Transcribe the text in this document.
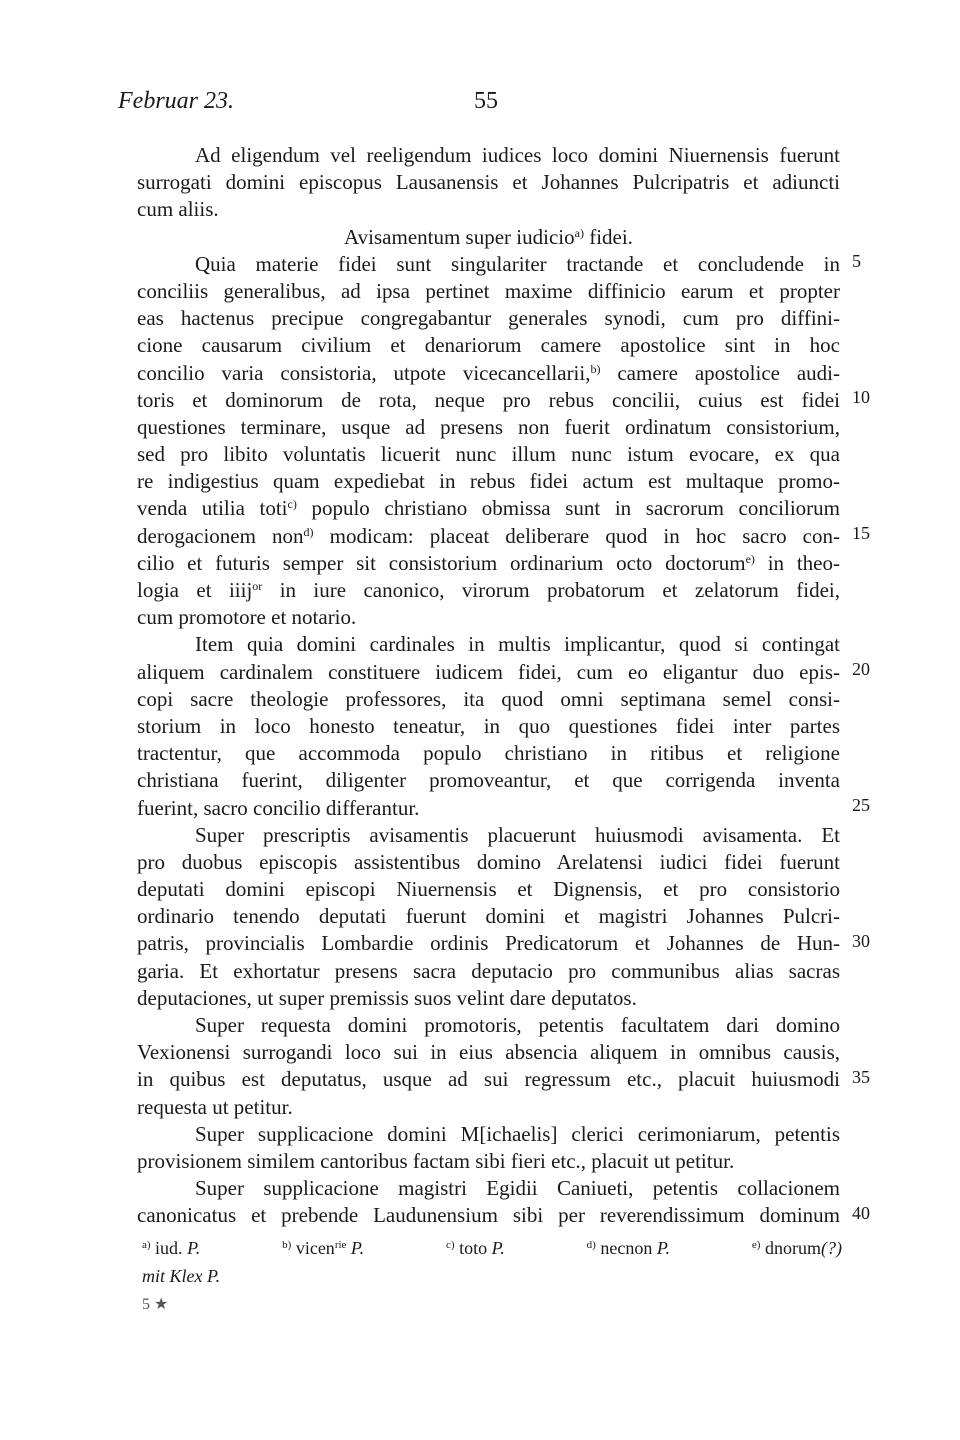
Februar 23.	55
Ad eligendum vel reeligendum iudices loco domini Niuernensis fuerunt
surrogati domini episcopus Lausanensis et Johannes Pulcripatris et adiuncti
cum aliis.
Avisamentum super iudicio$^{a)}$ fidei.
Quia materie fidei sunt singulariter tractande et concludende in
conciliis generalibus, ad ipsa pertinet maxime diffinicio earum et propter
eas hactenus precipue congregabantur generales synodi, cum pro diffini-
cione causarum civilium et denariorum camere apostolice sint in hoc
concilio varia consistoria, utpote vicecancellarii,$^{b)}$ camere apostolice audi-
toris et dominorum de rota, neque pro rebus concilii, cuius est fidei
questiones terminare, usque ad presens non fuerit ordinatum consistorium,
sed pro libito voluntatis licuerit nunc illum nunc istum evocare, ex qua
re indigestius quam expediebat in rebus fidei actum est multaque promo-
venda utilia toti$^{c)}$ populo christiano obmissa sunt in sacrorum conciliorum
derogacionem non$^{d)}$ modicam: placeat deliberare quod in hoc sacro con-
cilio et futuris semper sit consistorium ordinarium octo doctorum$^{e)}$ in theo-
logia et iiij$^{or}$ in iure canonico, virorum probatorum et zelatorum fidei,
cum promotore et notario.
Item quia domini cardinales in multis implicantur, quod si contingat
aliquem cardinalem constituere iudicem fidei, cum eo eligantur duo epis-
copi sacre theologie professores, ita quod omni septimana semel consi-
storium in loco honesto teneatur, in quo questiones fidei inter partes
tractentur, que accommoda populo christiano in ritibus et religione
christiana fuerint, diligenter promoveantur, et que corrigenda inventa
fuerint, sacro concilio differantur.
Super prescriptis avisamentis placuerunt huiusmodi avisamenta. Et
pro duobus episcopis assistentibus domino Arelatensi iudici fidei fuerunt
deputati domini episcopi Niuernensis et Dignensis, et pro consistorio
ordinario tenendo deputati fuerunt domini et magistri Johannes Pulcri-
patris, provincialis Lombardie ordinis Predicatorum et Johannes de Hun-
garia. Et exhortatur presens sacra deputacio pro communibus alias sacras
deputaciones, ut super premissis suos velint dare deputatos.
Super requesta domini promotoris, petentis facultatem dari domino
Vexionensi surrogandi loco sui in eius absencia aliquem in omnibus causis,
in quibus est deputatus, usque ad sui regressum etc., placuit huiusmodi
requesta ut petitur.
Super supplicacione domini M[ichaelis] clerici cerimoniarum, petentis
provisionem similem cantoribus factam sibi fieri etc., placuit ut petitur.
Super supplicacione magistri Egidii Caniueti, petentis collacionem
canonicatus et prebende Laudunensium sibi per reverendissimum dominum
5
10
15
20
25
30
35
40
$^{a)}$ iud. P.	$^{b)}$ vicen$^{rie}$ P.	$^{c)}$ toto P.	$^{d)}$ necnon P.	$^{e)}$ dnorum(?)
mit Klex P.
5 ★
